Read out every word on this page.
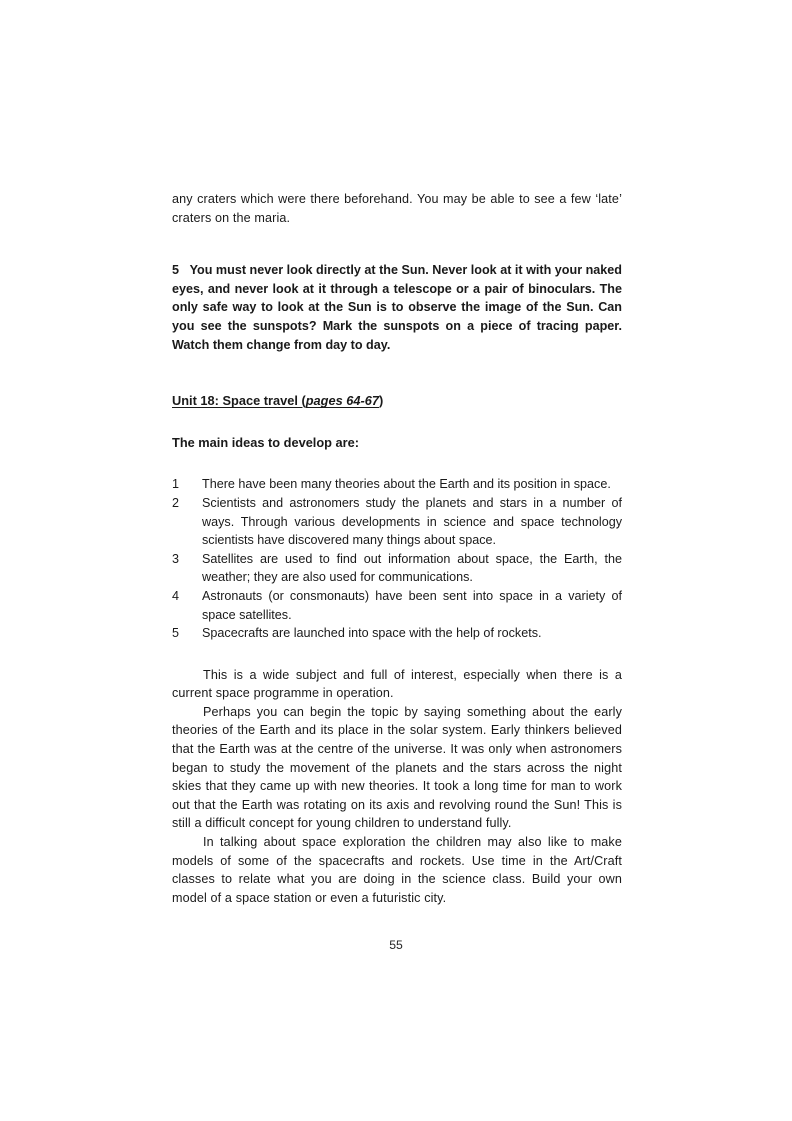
any craters which were there beforehand. You may be able to see a few ‘late’ craters on the maria.

5 You must never look directly at the Sun. Never look at it with your naked eyes, and never look at it through a telescope or a pair of binoculars. The only safe way to look at the Sun is to observe the image of the Sun. Can you see the sunspots? Mark the sunspots on a piece of tracing paper. Watch them change from day to day.

Unit 18: Space travel (pages 64-67)

The main ideas to develop are:

1	There have been many theories about the Earth and its position in space.
2	Scientists and astronomers study the planets and stars in a number of ways. Through various developments in science and space technology scientists have discovered many things about space.
3	Satellites are used to find out information about space, the Earth, the weather; they are also used for communications.
4	Astronauts (or consmonauts) have been sent into space in a variety of space satellites.
5	Spacecrafts are launched into space with the help of rockets.

This is a wide subject and full of interest, especially when there is a current space programme in operation.

Perhaps you can begin the topic by saying something about the early theories of the Earth and its place in the solar system. Early thinkers believed that the Earth was at the centre of the universe. It was only when astronomers began to study the movement of the planets and the stars across the night skies that they came up with new theories. It took a long time for man to work out that the Earth was rotating on its axis and revolving round the Sun! This is still a difficult concept for young children to understand fully.

In talking about space exploration the children may also like to make models of some of the spacecrafts and rockets. Use time in the Art/Craft classes to relate what you are doing in the science class. Build your own model of a space station or even a futuristic city.

55
